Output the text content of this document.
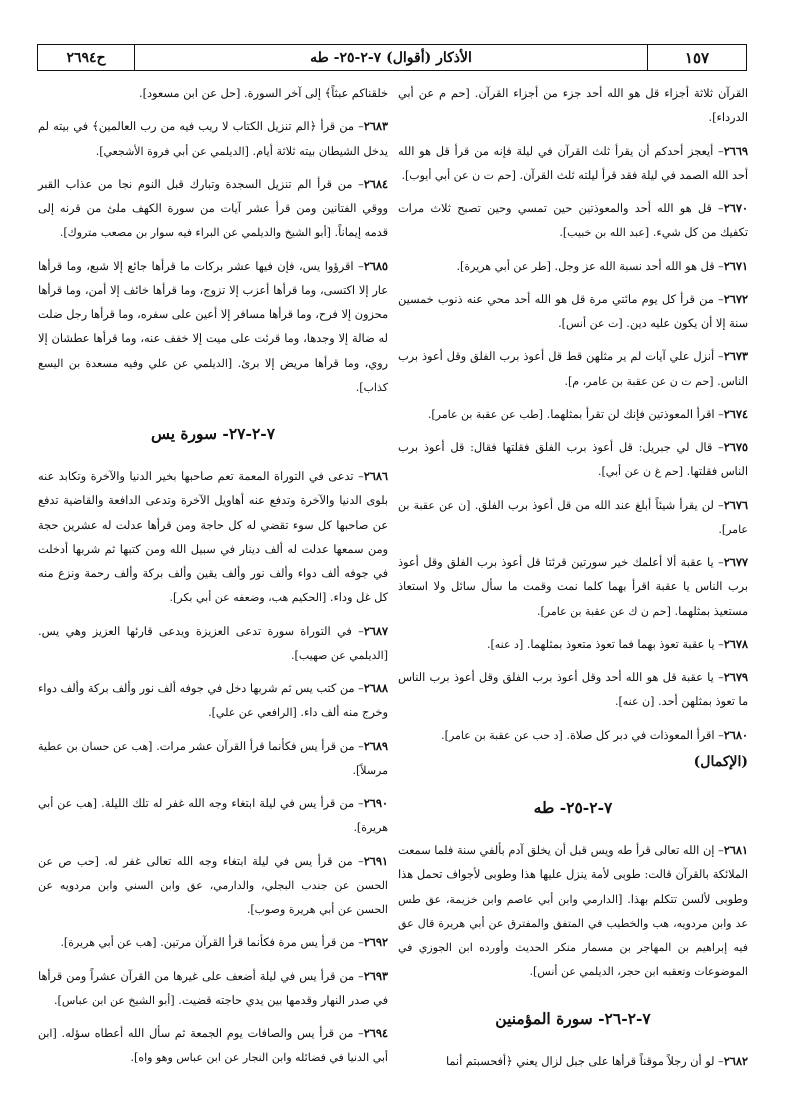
١٥٧
الأذكار (أقوال) ٧-٢-٢٥- طه
ح٢٦٩٤

القرآن ثلاثة أجزاء قل هو الله أحد جزء من أجزاء القرآن. [حم م عن أبي الدرداء].

٢٦٦٩– أيعجز أحدكم أن يقرأ ثلث القرآن في ليلة فإنه من قرأ قل هو الله أحد الله الصمد في ليلة فقد قرأ ليلته ثلث القرآن. [حم ت ن عن أبي أيوب].

٢٦٧٠– قل هو الله أحد والمعوذتين حين تمسي وحين تصبح ثلاث مرات تكفيك من كل شيء. [عبد الله بن خبيب].

٢٦٧١– قل هو الله أحد نسبة الله عز وجل. [طر عن أبي هريرة].

٢٦٧٢– من قرأ كل يوم مائتي مرة قل هو الله أحد محي عنه ذنوب خمسين سنة إلا أن يكون عليه دين. [ت عن أنس].

٢٦٧٣– أنزل علي آيات لم ير مثلهن قط قل أعوذ برب الفلق وقل أعوذ برب الناس. [حم ت ن عن عقبة بن عامر، م].

٢٦٧٤– اقرأ المعوذتين فإنك لن تقرأ بمثلهما. [طب عن عقبة بن عامر].

٢٦٧٥– قال لي جبريل: قل أعوذ برب الفلق فقلتها فقال: قل أعوذ برب الناس فقلتها. [حم غ ن عن أبي].

٢٦٧٦– لن يقرأ شيئاً أبلغ عند الله من قل أعوذ برب الفلق. [ن عن عقبة بن عامر].

٢٦٧٧– يا عقبة ألا أعلمك خير سورتين قرئتا قل أعوذ برب الفلق وقل أعوذ برب الناس يا عقبة اقرأ بهما كلما نمت وقمت ما سأل سائل ولا استعاذ مستعيذ بمثلهما. [حم ن ك عن عقبة بن عامر].

٢٦٧٨– يا عقبة تعوذ بهما فما تعوذ متعوذ بمثلهما. [د عنه].

٢٦٧٩– يا عقبة قل هو الله أحد وقل أعوذ برب الفلق وقل أعوذ برب الناس ما تعوذ بمثلهن أحد. [ن عنه].

٢٦٨٠– اقرأ المعوذات في دبر كل صلاة. [د حب عن عقبة بن عامر].

(الإكمال)
٧-٢-٢٥- طه

٢٦٨١– إن الله تعالى قرأ طه ويس قبل أن يخلق آدم بألفي سنة فلما سمعت الملائكة بالقرآن قالت: طوبى لأمة ينزل عليها هذا وطوبى لأجواف تحمل هذا وطوبى لألسن تتكلم بهذا. [الدارمي وابن أبي عاصم وابن خزيمة، عق طس عد وابن مردويه، هب والخطيب في المتفق والمفترق عن أبي هريرة قال عق فيه إبراهيم بن المهاجر بن مسمار منكر الحديث وأورده ابن الجوزي في الموضوعات وتعقبه ابن حجر، الديلمي عن أنس].

٧-٢-٢٦- سورة المؤمنين

٢٦٨٢– لو أن رجلاً موقناً قرأها على جبل لزال يعني ﴿أفحسبتم أنما

خلقناكم عبثاً﴾ إلى آخر السورة. [حل عن ابن مسعود].

٢٦٨٣– من قرأ ﴿الم تنزيل الكتاب لا ريب فيه من رب العالمين﴾ في بيته لم يدخل الشيطان بيته ثلاثة أيام. [الديلمي عن أبي فروة الأشجعي].

٢٦٨٤– من قرأ الم تنزيل السجدة وتبارك قبل النوم نجا من عذاب القبر ووقي الفتانين ومن قرأ عشر آيات من سورة الكهف ملئ من قرنه إلى قدمه إيماناً. [أبو الشيخ والديلمي عن البراء فيه سوار بن مصعب متروك].

٢٦٨٥– اقرؤوا يس، فإن فيها عشر بركات ما قرأها جائع إلا شبع، وما قرأها عار إلا اكتسى، وما قرأها أعزب إلا تزوج، وما قرأها خائف إلا أمن، وما قرأها محزون إلا فرح، وما قرأها مسافر إلا أعين على سفره، وما قرأها رجل ضلت له ضالة إلا وجدها، وما قرئت على ميت إلا خفف عنه، وما قرأها عطشان إلا روي، وما قرأها مريض إلا برئ. [الديلمي عن علي وفيه مسعدة بن اليسع كذاب].

٧-٢-٢٧- سورة يس

٢٦٨٦– تدعى في التوراة المعمة تعم صاحبها بخير الدنيا والآخرة وتكابد عنه بلوى الدنيا والآخرة وتدفع عنه أهاويل الآخرة وتدعى الدافعة والقاضية تدفع عن صاحبها كل سوء تقضي له كل حاجة ومن قرأها عدلت له عشرين حجة ومن سمعها عدلت له ألف دينار في سبيل الله ومن كتبها ثم شربها أدخلت في جوفه ألف دواء وألف نور وألف يقين وألف بركة وألف رحمة ونزع منه كل غل وداء. [الحكيم هب، وضعفه عن أبي بكر].

٢٦٨٧– في التوراة سورة تدعى العزيزة ويدعى قارئها العزيز وهي يس. [الديلمي عن صهيب].

٢٦٨٨– من كتب يس ثم شربها دخل في جوفه ألف نور وألف بركة وألف دواء وخرج منه ألف داء. [الرافعي عن علي].

٢٦٨٩– من قرأ يس فكأنما قرأ القرآن عشر مرات. [هب عن حسان بن عطية مرسلاً].

٢٦٩٠– من قرأ يس في ليلة ابتغاء وجه الله غفر له تلك الليلة. [هب عن أبي هريرة].

٢٦٩١– من قرأ يس في ليلة ابتغاء وجه الله تعالى غفر له. [حب ص عن الحسن عن جندب البجلي، والدارمي، عق وابن السني وابن مردويه عن الحسن عن أبي هريرة وصوب].

٢٦٩٢– من قرأ يس مرة فكأنما قرأ القرآن مرتين. [هب عن أبي هريرة].

٢٦٩٣– من قرأ يس في ليلة أضعف على غيرها من القرآن عشراً ومن قرأها في صدر النهار وقدمها بين يدي حاجته قضيت. [أبو الشيخ عن ابن عباس].

٢٦٩٤– من قرأ يس والصافات يوم الجمعة ثم سأل الله أعطاه سؤله. [ابن أبي الدنيا في فضائله وابن النجار عن ابن عباس وهو واه].
